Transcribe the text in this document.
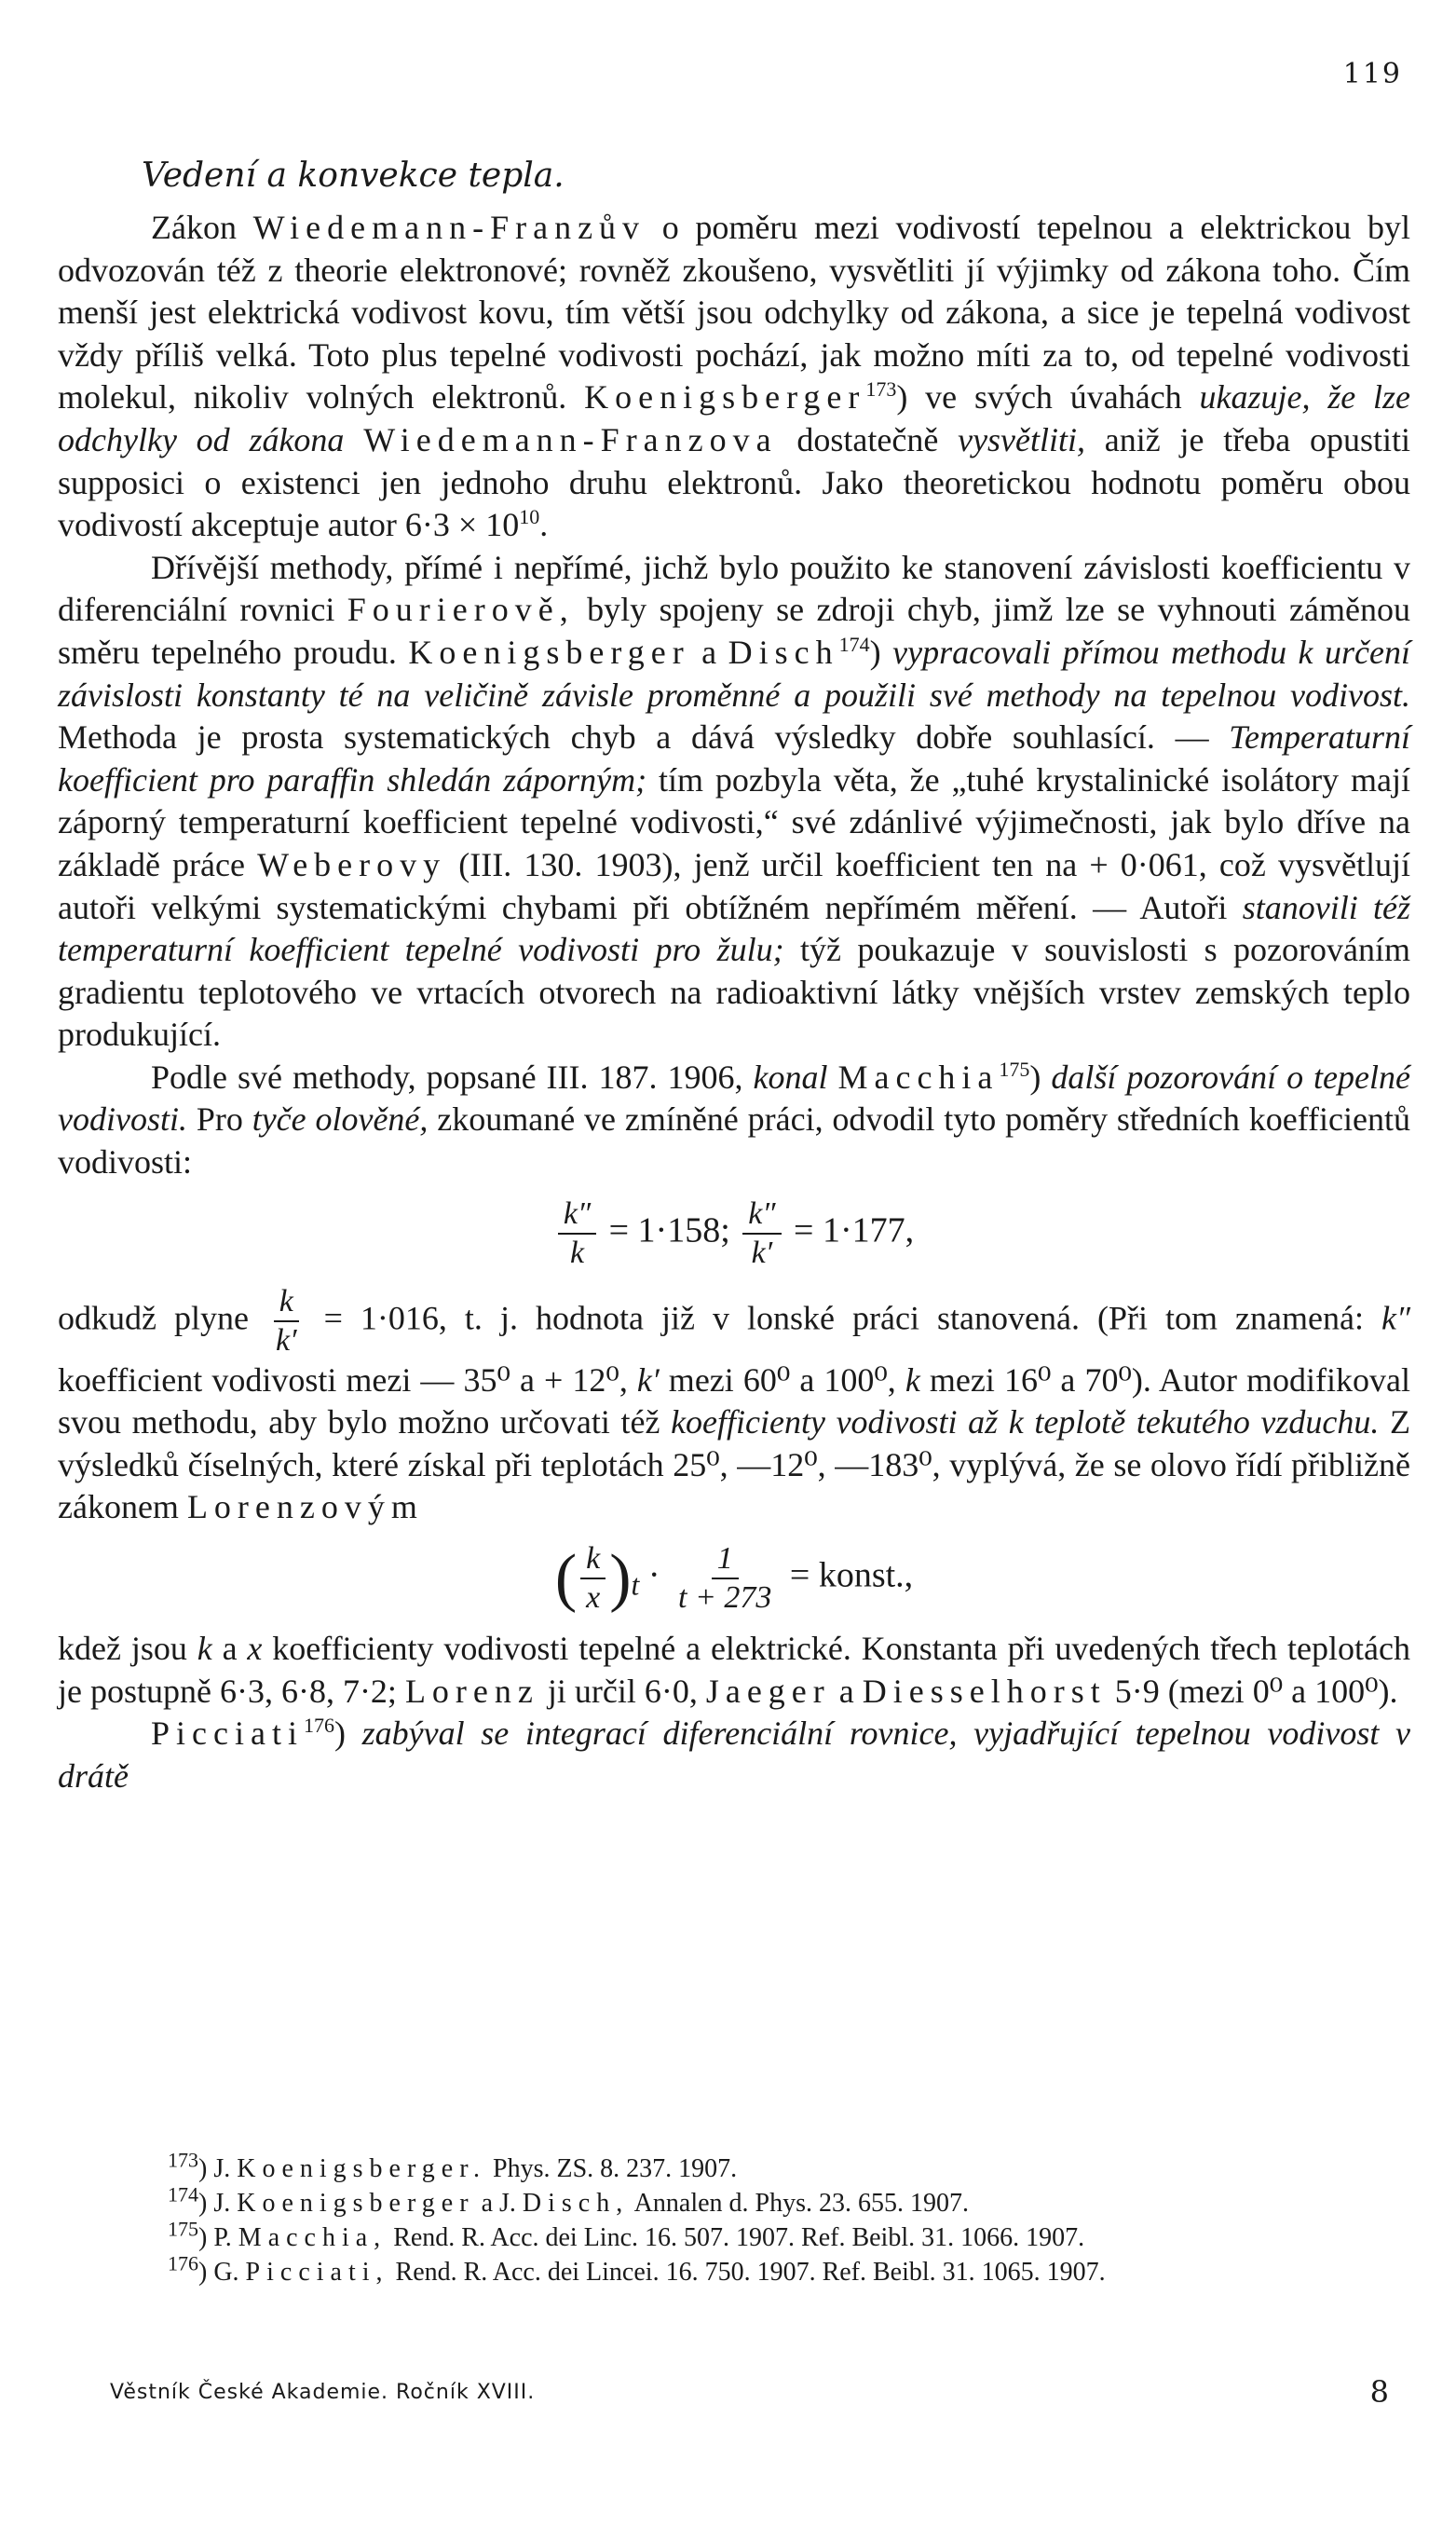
119
Vedení a konvekce tepla.

Zákon Wiedemann-Franzův o poměru mezi vodivostí tepelnou a elektrickou byl odvozován též z theorie elektronové; rovněž zkoušeno, vysvětliti jí výjimky od zákona toho. Čím menší jest elektrická vodivost kovu, tím větší jsou odchylky od zákona, a sice je tepelná vodivost vždy příliš velká. Toto plus tepelné vodivosti pochází, jak možno míti za to, od tepelné vodivosti molekul, nikoliv volných elektronů. Koenigsberger$^{173}$) ve svých úvahách ukazuje, že lze odchylky od zákona Wiedemann-Franzova dostatečně vysvětliti, aniž je třeba opustiti supposici o existenci jen jednoho druhu elektronů. Jako theoretickou hodnotu poměru obou vodivostí akceptuje autor $6\cdot 3 \times 10^{10}$.

Dřívější methody, přímé i nepřímé, jichž bylo použito ke stanovení závislosti koefficientu v diferenciální rovnici Fourierově, byly spojeny se zdroji chyb, jimž lze se vyhnouti záměnou směru tepelného proudu. Koenigsberger a Disch$^{174}$) vypracovali přímou methodu k určení závislosti konstanty té na veličině závisle proměnné a použili své methody na tepelnou vodivost. Methoda je prosta systematických chyb a dává výsledky dobře souhlasící. — Temperaturní koefficient pro paraffin shledán záporným; tím pozbyla věta, že „tuhé krystalinické isolátory mají záporný temperaturní koefficient tepelné vodivosti,“ své zdánlivé výjimečnosti, jak bylo dříve na základě práce Weberovy (III. 130. 1903), jenž určil koefficient ten na + 0·061, což vysvětlují autoři velkými systematickými chybami při obtížném nepřímém měření. — Autoři stanovili též temperaturní koefficient tepelné vodivosti pro žulu; týž poukazuje v souvislosti s pozorováním gradientu teplotového ve vrtacích otvorech na radioaktivní látky vnějších vrstev zemských teplo produkující.

Podle své methody, popsané III. 187. 1906, konal Macchia$^{175}$) další pozorování o tepelné vodivosti. Pro tyče olověné, zkoumané ve zmíněné práci, odvodil tyto poměry středních koefficientů vodivosti:

$\frac{k''}{k} = 1\cdot 158$; $\frac{k''}{k'} = 1\cdot 177$,

odkudž plyne $\frac{k}{k'} = 1\cdot 016$, t. j. hodnota již v lonské práci stanovená. (Při tom znamená: k″ koefficient vodivosti mezi — 35⁰ a + 12⁰, k′ mezi 60⁰ a 100⁰, k mezi 16⁰ a 70⁰). Autor modifikoval svou methodu, aby bylo možno určovati též koefficienty vodivosti až k teplotě tekutého vzduchu. Z výsledků číselných, které získal při teplotách 25⁰, —12⁰, —183⁰, vyplývá, že se olovo řídí přibližně zákonem Lorenzovým

( $\frac{k}{x} )_t \cdot \frac{1}{t + 273}$ = konst.,

kdež jsou k a x koefficienty vodivosti tepelné a elektrické. Konstanta při uvedených třech teplotách je postupně 6·3, 6·8, 7·2; Lorenz ji určil 6·0, Jaeger a Diesselhorst 5·9 (mezi 0⁰ a 100⁰).

Picciati$^{176}$) zabýval se integrací diferenciální rovnice, vyjadřující tepelnou vodivost v drátě

$^{173}$) J. Koenigsberger. Phys. ZS. 8. 237. 1907.

$^{174}$) J. Koenigsberger a J. Disch, Annalen d. Phys. 23. 655. 1907.

$^{175}$) P. Macchia, Rend. R. Acc. dei Linc. 16. 507. 1907. Ref. Beibl. 31. 1066. 1907.

$^{176}$) G. Picciati, Rend. R. Acc. dei Lincei. 16. 750. 1907. Ref. Beibl. 31. 1065. 1907.

Věstník České Akademie. Ročník XVIII.	8
